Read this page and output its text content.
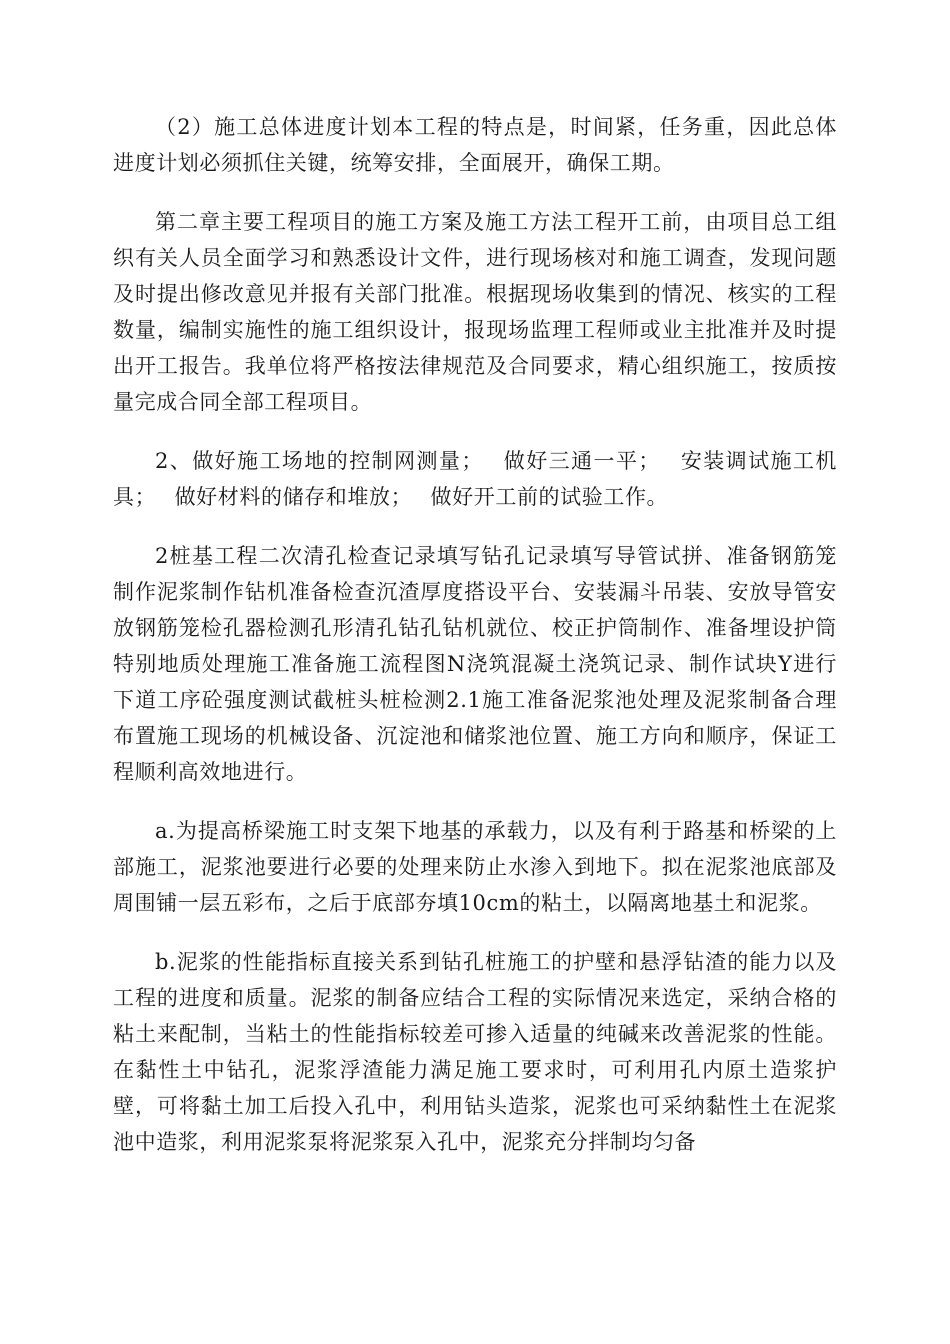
（2）施工总体进度计划本工程的特点是，时间紧，任务重，因此总体进度计划必须抓住关键，统筹安排，全面展开，确保工期。

第二章主要工程项目的施工方案及施工方法工程开工前，由项目总工组织有关人员全面学习和熟悉设计文件，进行现场核对和施工调查，发现问题及时提出修改意见并报有关部门批准。根据现场收集到的情况、核实的工程数量，编制实施性的施工组织设计，报现场监理工程师或业主批准并及时提出开工报告。我单位将严格按法律规范及合同要求，精心组织施工，按质按量完成合同全部工程项目。

2、做好施工场地的控制网测量；　 做好三通一平；　 安装调试施工机具；　 做好材料的储存和堆放；　 做好开工前的试验工作。

2桩基工程二次清孔检查记录填写钻孔记录填写导管试拼、准备钢筋笼制作泥浆制作钻机准备检查沉渣厚度搭设平台、安装漏斗吊装、安放导管安放钢筋笼检孔器检测孔形清孔钻孔钻机就位、校正护筒制作、准备埋设护筒特别地质处理施工准备施工流程图N浇筑混凝土浇筑记录、制作试块Y进行下道工序砼强度测试截桩头桩检测2.1施工准备泥浆池处理及泥浆制备合理布置施工现场的机械设备、沉淀池和储浆池位置、施工方向和顺序，保证工程顺利高效地进行。

a.为提高桥梁施工时支架下地基的承载力，以及有利于路基和桥梁的上部施工，泥浆池要进行必要的处理来防止水渗入到地下。拟在泥浆池底部及周围铺一层五彩布，之后于底部夯填10cm的粘土，以隔离地基土和泥浆。

b.泥浆的性能指标直接关系到钻孔桩施工的护壁和悬浮钻渣的能力以及工程的进度和质量。泥浆的制备应结合工程的实际情况来选定，采纳合格的粘土来配制，当粘土的性能指标较差可掺入适量的纯碱来改善泥浆的性能。在黏性土中钻孔，泥浆浮渣能力满足施工要求时，可利用孔内原土造浆护壁，可将黏土加工后投入孔中，利用钻头造浆，泥浆也可采纳黏性土在泥浆池中造浆，利用泥浆泵将泥浆泵入孔中，泥浆充分拌制均匀备
